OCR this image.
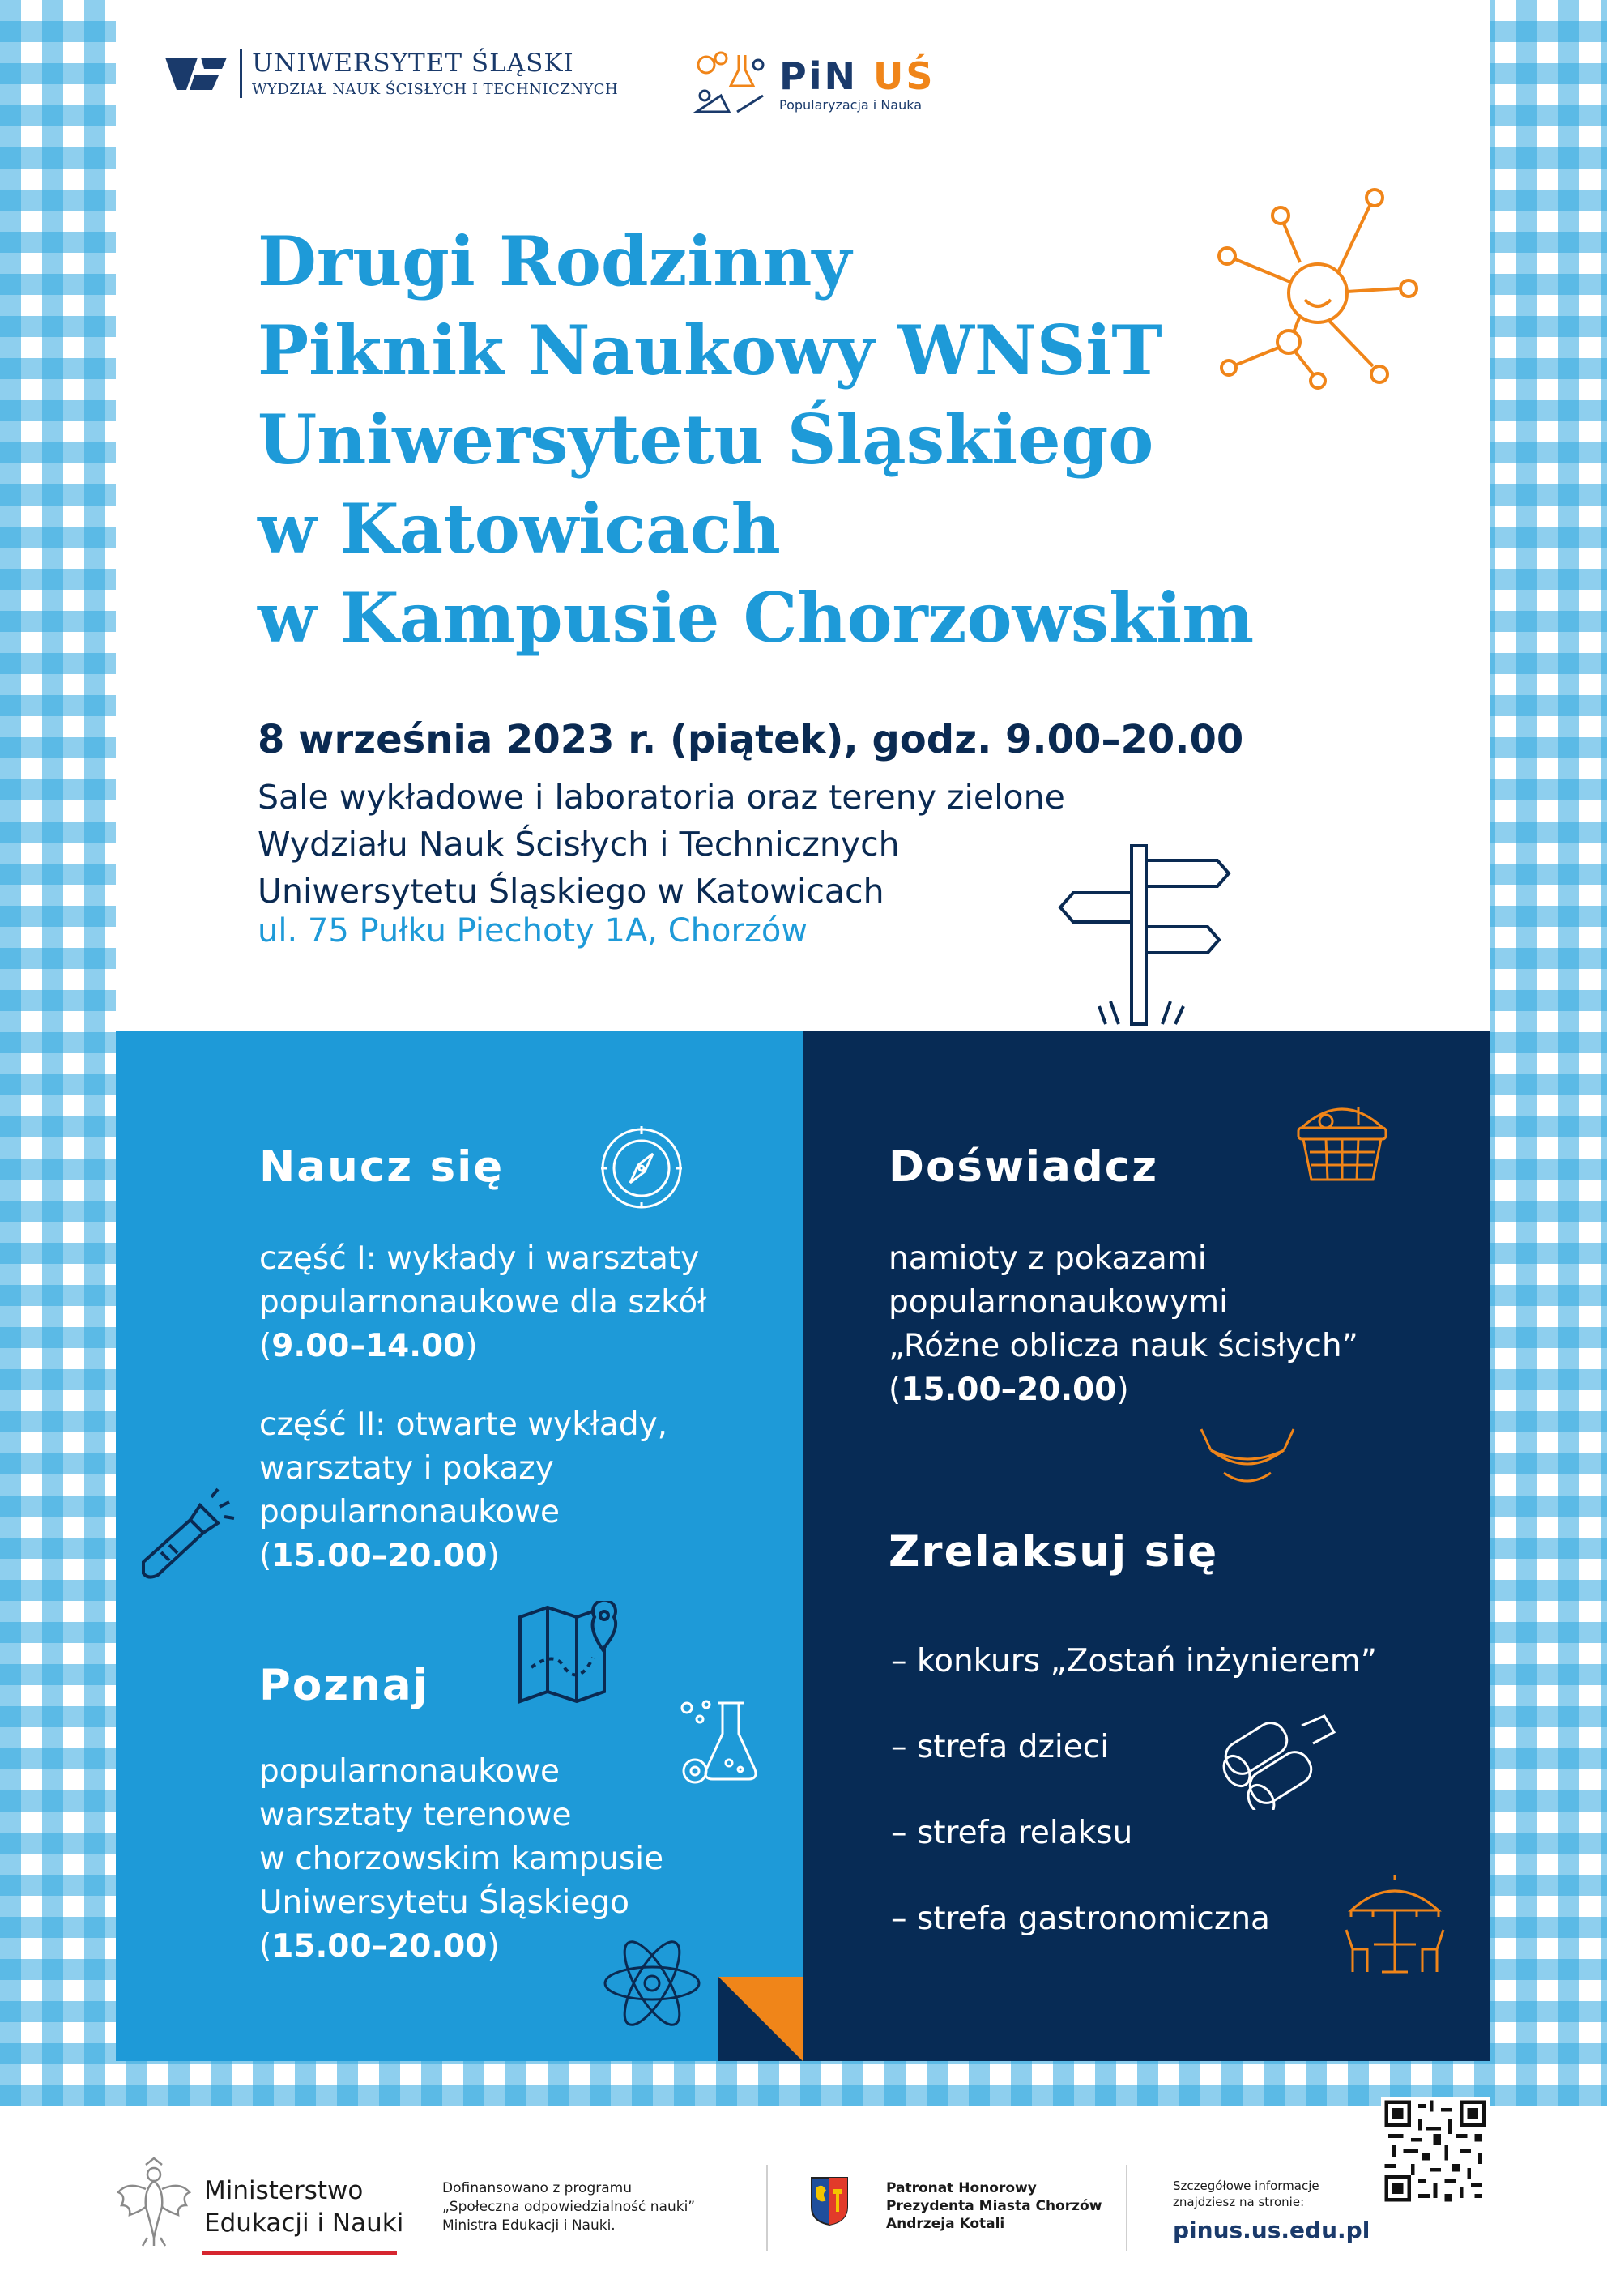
UNIWERSYTET ŚLĄSKI
WYDZIAŁ NAUK ŚCISŁYCH I TECHNICZNYCH	PiN UŚ
Popularyzacja i Nauka
Drugi Rodzinny
Piknik Naukowy WNSiT
Uniwersytetu Śląskiego
w Katowicach
w Kampusie Chorzowskim
8 września 2023 r. (piątek), godz. 9.00–20.00
Sale wykładowe i laboratoria oraz tereny zielone
Wydziału Nauk Ścisłych i Technicznych
Uniwersytetu Śląskiego w Katowicach
ul. 75 Pułku Piechoty 1A, Chorzów
Naucz się
część I: wykłady i warsztaty
popularnonaukowe dla szkół
(9.00–14.00)
część II: otwarte wykłady,
warsztaty i pokazy
popularnonaukowe
(15.00–20.00)
Poznaj
popularnonaukowe
warsztaty terenowe
w chorzowskim kampusie
Uniwersytetu Śląskiego
(15.00–20.00)
Doświadcz
namioty z pokazami
popularnonaukowymi
„Różne oblicza nauk ścisłych”
(15.00–20.00)
Zrelaksuj się
– konkurs „Zostań inżynierem”
– strefa dzieci
– strefa relaksu
– strefa gastronomiczna
Ministerstwo
Edukacji i Nauki
Dofinansowano z programu
„Społeczna odpowiedzialność nauki”
Ministra Edukacji i Nauki.
Patronat Honorowy
Prezydenta Miasta Chorzów
Andrzeja Kotali
Szczegółowe informacje
znajdziesz na stronie:
pinus.us.edu.pl
